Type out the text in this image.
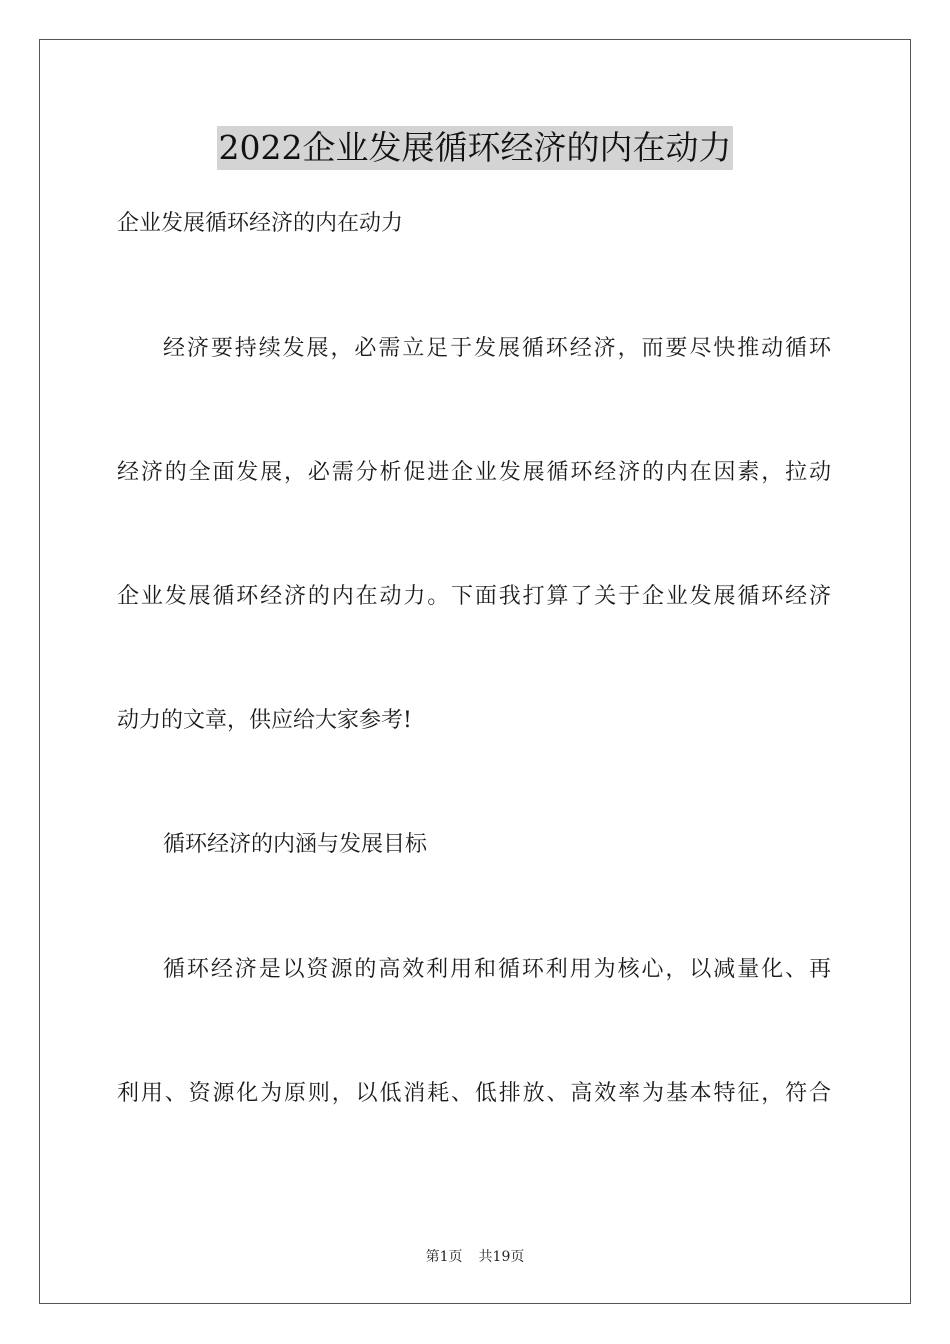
2022企业发展循环经济的内在动力
企业发展循环经济的内在动力
经济要持续发展，必需立足于发展循环经济，而要尽快推动循环
经济的全面发展，必需分析促进企业发展循环经济的内在因素，拉动
企业发展循环经济的内在动力。下面我打算了关于企业发展循环经济
动力的文章，供应给大家参考!
循环经济的内涵与发展目标
循环经济是以资源的高效利用和循环利用为核心，以减量化、再
利用、资源化为原则，以低消耗、低排放、高效率为基本特征，符合
第1页 共19页
